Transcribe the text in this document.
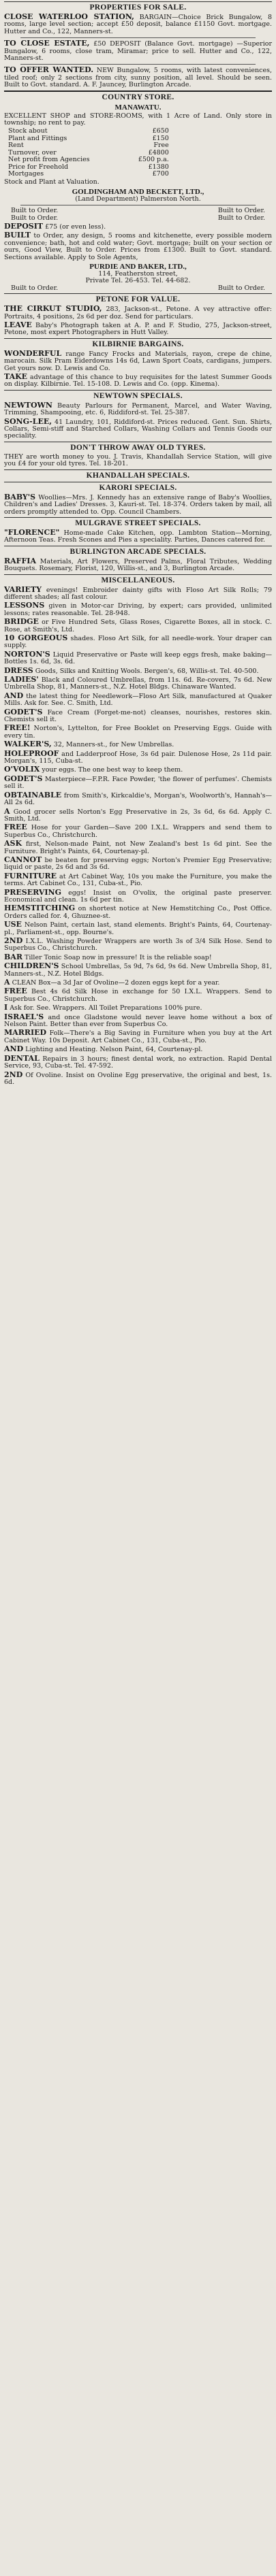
PROPERTIES FOR SALE.
CLOSE WATERLOO STATION, BARGAIN—Choice Brick Bungalow, 8 rooms, large level section; accept £50 deposit, balance £1150 Govt. mortgage. Hutter and Co., 122, Manners-st.
TO CLOSE ESTATE, £50 DEPOSIT (Balance Govt. mortgage) —Superior Bungalow, 6 rooms, close tram, Miramar; price to sell. Hutter and Co., 122, Manners-st.
TO OFFER WANTED. NEW Bungalow, 5 rooms, with latest conveniences, tiled roof; only 2 sections from city, sunny position, all level. Should be seen. Built to Govt. standard. A. F. Jauncey, Burlington Arcade.
COUNTRY STORE.
MANAWATU.
EXCELLENT SHOP and STORE-ROOMS, with 1 Acre of Land. Only store in township; no rent to pay.
Stock about	£650
Plant and Fittings	£150
Rent	Free
Turnover, over	£4800
Net profit from Agencies	£500 p.a.
Price for Freehold	£1380
Mortgages	£700
Stock and Plant at Valuation.
GOLDINGHAM AND BECKETT, LTD.,
(Land Department) Palmerston North.
Built to Order.	Built to Order.
Built to Order.	Built to Order.
DEPOSIT £75 (or even less).
BUILT to Order, any design, 5 rooms and kitchenette, every possible modern convenience; bath, hot and cold water; Govt. mortgage; built on your section or ours, Good View, Built to Order. Prices from £1300. Built to Govt. standard. Sections available. Apply to Sole Agents,
PURDIE AND BAKER, LTD.,
114, Featherston street,
Private Tel. 26-453. Tel. 44-682.
Built to Order.	Built to Order.
PETONE FOR VALUE.
THE CIRKUT STUDIO, 283, Jackson-st., Petone. A vey attractive offer: Portraits, 4 positions, 2s 6d per doz. Send for particulars.
LEAVE Baby's Photograph taken at A. P. and F. Studio, 275, Jackson-street, Petone, most expert Photographers in Hutt Valley.
KILBIRNIE BARGAINS.
WONDERFUL range Fancy Frocks and Materials, rayon, crepe de chine, marocain. Silk Pram Eiderdowns 14s 6d, Lawn Sport Coats, cardigans, jumpers. Get yours now. D. Lewis and Co.
TAKE advantage of this chance to buy requisites for the latest Summer Goods on display. Kilbirnie. Tel. 15-108. D. Lewis and Co. (opp. Kinema).
NEWTOWN SPECIALS.
NEWTOWN Beauty Parlours for Permanent, Marcel, and Water Waving, Trimming, Shampooing, etc. 6, Riddiford-st. Tel. 25-387.
SONG-LEE, 41 Laundry, 101, Riddiford-st. Prices reduced. Gent. Sun. Shirts, Collars, Semi-stiff and Starched Collars, Washing Collars and Tennis Goods our speciality.
DON'T THROW AWAY OLD TYRES.
THEY are worth money to you. J. Travis, Khandallah Service Station, will give you £4 for your old tyres. Tel. 18-201.
KHANDALLAH SPECIALS.
KARORI SPECIALS.
BABY'S Woollies—Mrs. J. Kennedy has an extensive range of Baby's Woollies, Children's and Ladies' Dresses. 3, Kauri-st. Tel. 18-374. Orders taken by mail, all orders promptly attended to. Opp. Council Chambers.
MULGRAVE STREET SPECIALS.
"FLORENCE" Home-made Cake Kitchen, opp. Lambton Station—Morning, Afternoon Teas. Fresh Scones and Pies a speciality. Parties, Dances catered for.
BURLINGTON ARCADE SPECIALS.
RAFFIA Materials, Art Flowers, Preserved Palms, Floral Tributes, Wedding Bouquets. Rosemary, Florist, 120, Willis-st., and 3, Burlington Arcade.
MISCELLANEOUS.
VARIETY evenings! Embroider dainty gifts with Floso Art Silk Rolls; 79 different shades; all fast colour.
LESSONS given in Motor-car Driving, by expert; cars provided, unlimited lessons; rates reasonable. Tel. 28-948.
BRIDGE or Five Hundred Sets, Glass Roses, Cigarette Boxes, all in stock. C. Rose, at Smith's, Ltd.
10 GORGEOUS shades. Floso Art Silk, for all needle-work. Your draper can supply.
NORTON'S Liquid Preservative or Paste will keep eggs fresh, make baking—Bottles 1s. 6d, 3s. 6d.
DRESS Goods, Silks and Knitting Wools. Bergen's, 68, Willis-st. Tel. 40-500.
LADIES' Black and Coloured Umbrellas, from 11s. 6d. Re-covers, 7s 6d. New Umbrella Shop, 81, Manners-st., N.Z. Hotel Bldgs. Chinaware Wanted.
AND the latest thing for Needlework—Floso Art Silk, manufactured at Quaker Mills. Ask for. See. C. Smith, Ltd.
GODET'S Face Cream (Forget-me-not) cleanses, nourishes, restores skin. Chemists sell it.
FREE! Norton's, Lyttelton, for Free Booklet on Preserving Eggs. Guide with every tin.
WALKER'S, 32, Manners-st., for New Umbrellas.
HOLEPROOF and Ladderproof Hose, 3s 6d pair. Dulenose Hose, 2s 11d pair. Morgan's, 115, Cuba-st.
O'VOLIX your eggs. The one best way to keep them.
GODET'S Masterpiece—F.P.R. Face Powder, 'the flower of perfumes'. Chemists sell it.
OBTAINABLE from Smith's, Kirkcaldie's, Morgan's, Woolworth's, Hannah's—All 2s 6d.
A Good grocer sells Norton's Egg Preservative in 2s, 3s 6d, 6s 6d. Apply C. Smith, Ltd.
FREE Hose for your Garden—Save 200 I.X.L. Wrappers and send them to Superbus Co., Christchurch.
ASK first, Nelson-made Paint, not New Zealand's best 1s 6d pint. See the Furniture. Bright's Paints, 64, Courtenay-pl.
CANNOT be beaten for preserving eggs; Norton's Premier Egg Preservative; liquid or paste, 2s 6d and 3s 6d.
FURNITURE at Art Cabinet Way, 10s you make the Furniture, you make the terms. Art Cabinet Co., 131, Cuba-st., Pio.
PRESERVING eggs! Insist on O'volix, the original paste preserver. Economical and clean. 1s 6d per tin.
HEMSTITCHING on shortest notice at New Hemstitching Co., Post Office. Orders called for. 4, Ghuznee-st.
USE Nelson Paint, certain last, stand elements. Bright's Paints, 64, Courtenay-pl., Parliament-st., opp. Bourne's.
2ND I.X.L. Washing Powder Wrappers are worth 3s of 3/4 Silk Hose. Send to Superbus Co., Christchurch.
BAR Tiller Tonic Soap now in pressure! It is the reliable soap!
CHILDREN'S School Umbrellas, 5s 9d, 7s 6d, 9s 6d. New Umbrella Shop, 81, Manners-st., N.Z. Hotel Bldgs.
A CLEAN Box—a 3d Jar of Ovoline—2 dozen eggs kept for a year.
FREE Best 4s 6d Silk Hose in exchange for 50 I.X.L. Wrappers. Send to Superbus Co., Christchurch.
I Ask for. See. Wrappers. All Toilet Preparations 100% pure.
ISRAEL'S and once Gladstone would never leave home without a box of Nelson Paint. Better than ever from Superbus Co.
MARRIED Folk—There's a Big Saving in Furniture when you buy at the Art Cabinet Way. 10s Deposit. Art Cabinet Co., 131, Cuba-st., Pio.
AND Lighting and Heating. Nelson Paint, 64, Courtenay-pl.
DENTAL Repairs in 3 hours; finest dental work, no extraction. Rapid Dental Service, 93, Cuba-st. Tel. 47-592.
2ND Of Ovoline. Insist on Ovoline Egg preservative, the original and best, 1s. 6d.
